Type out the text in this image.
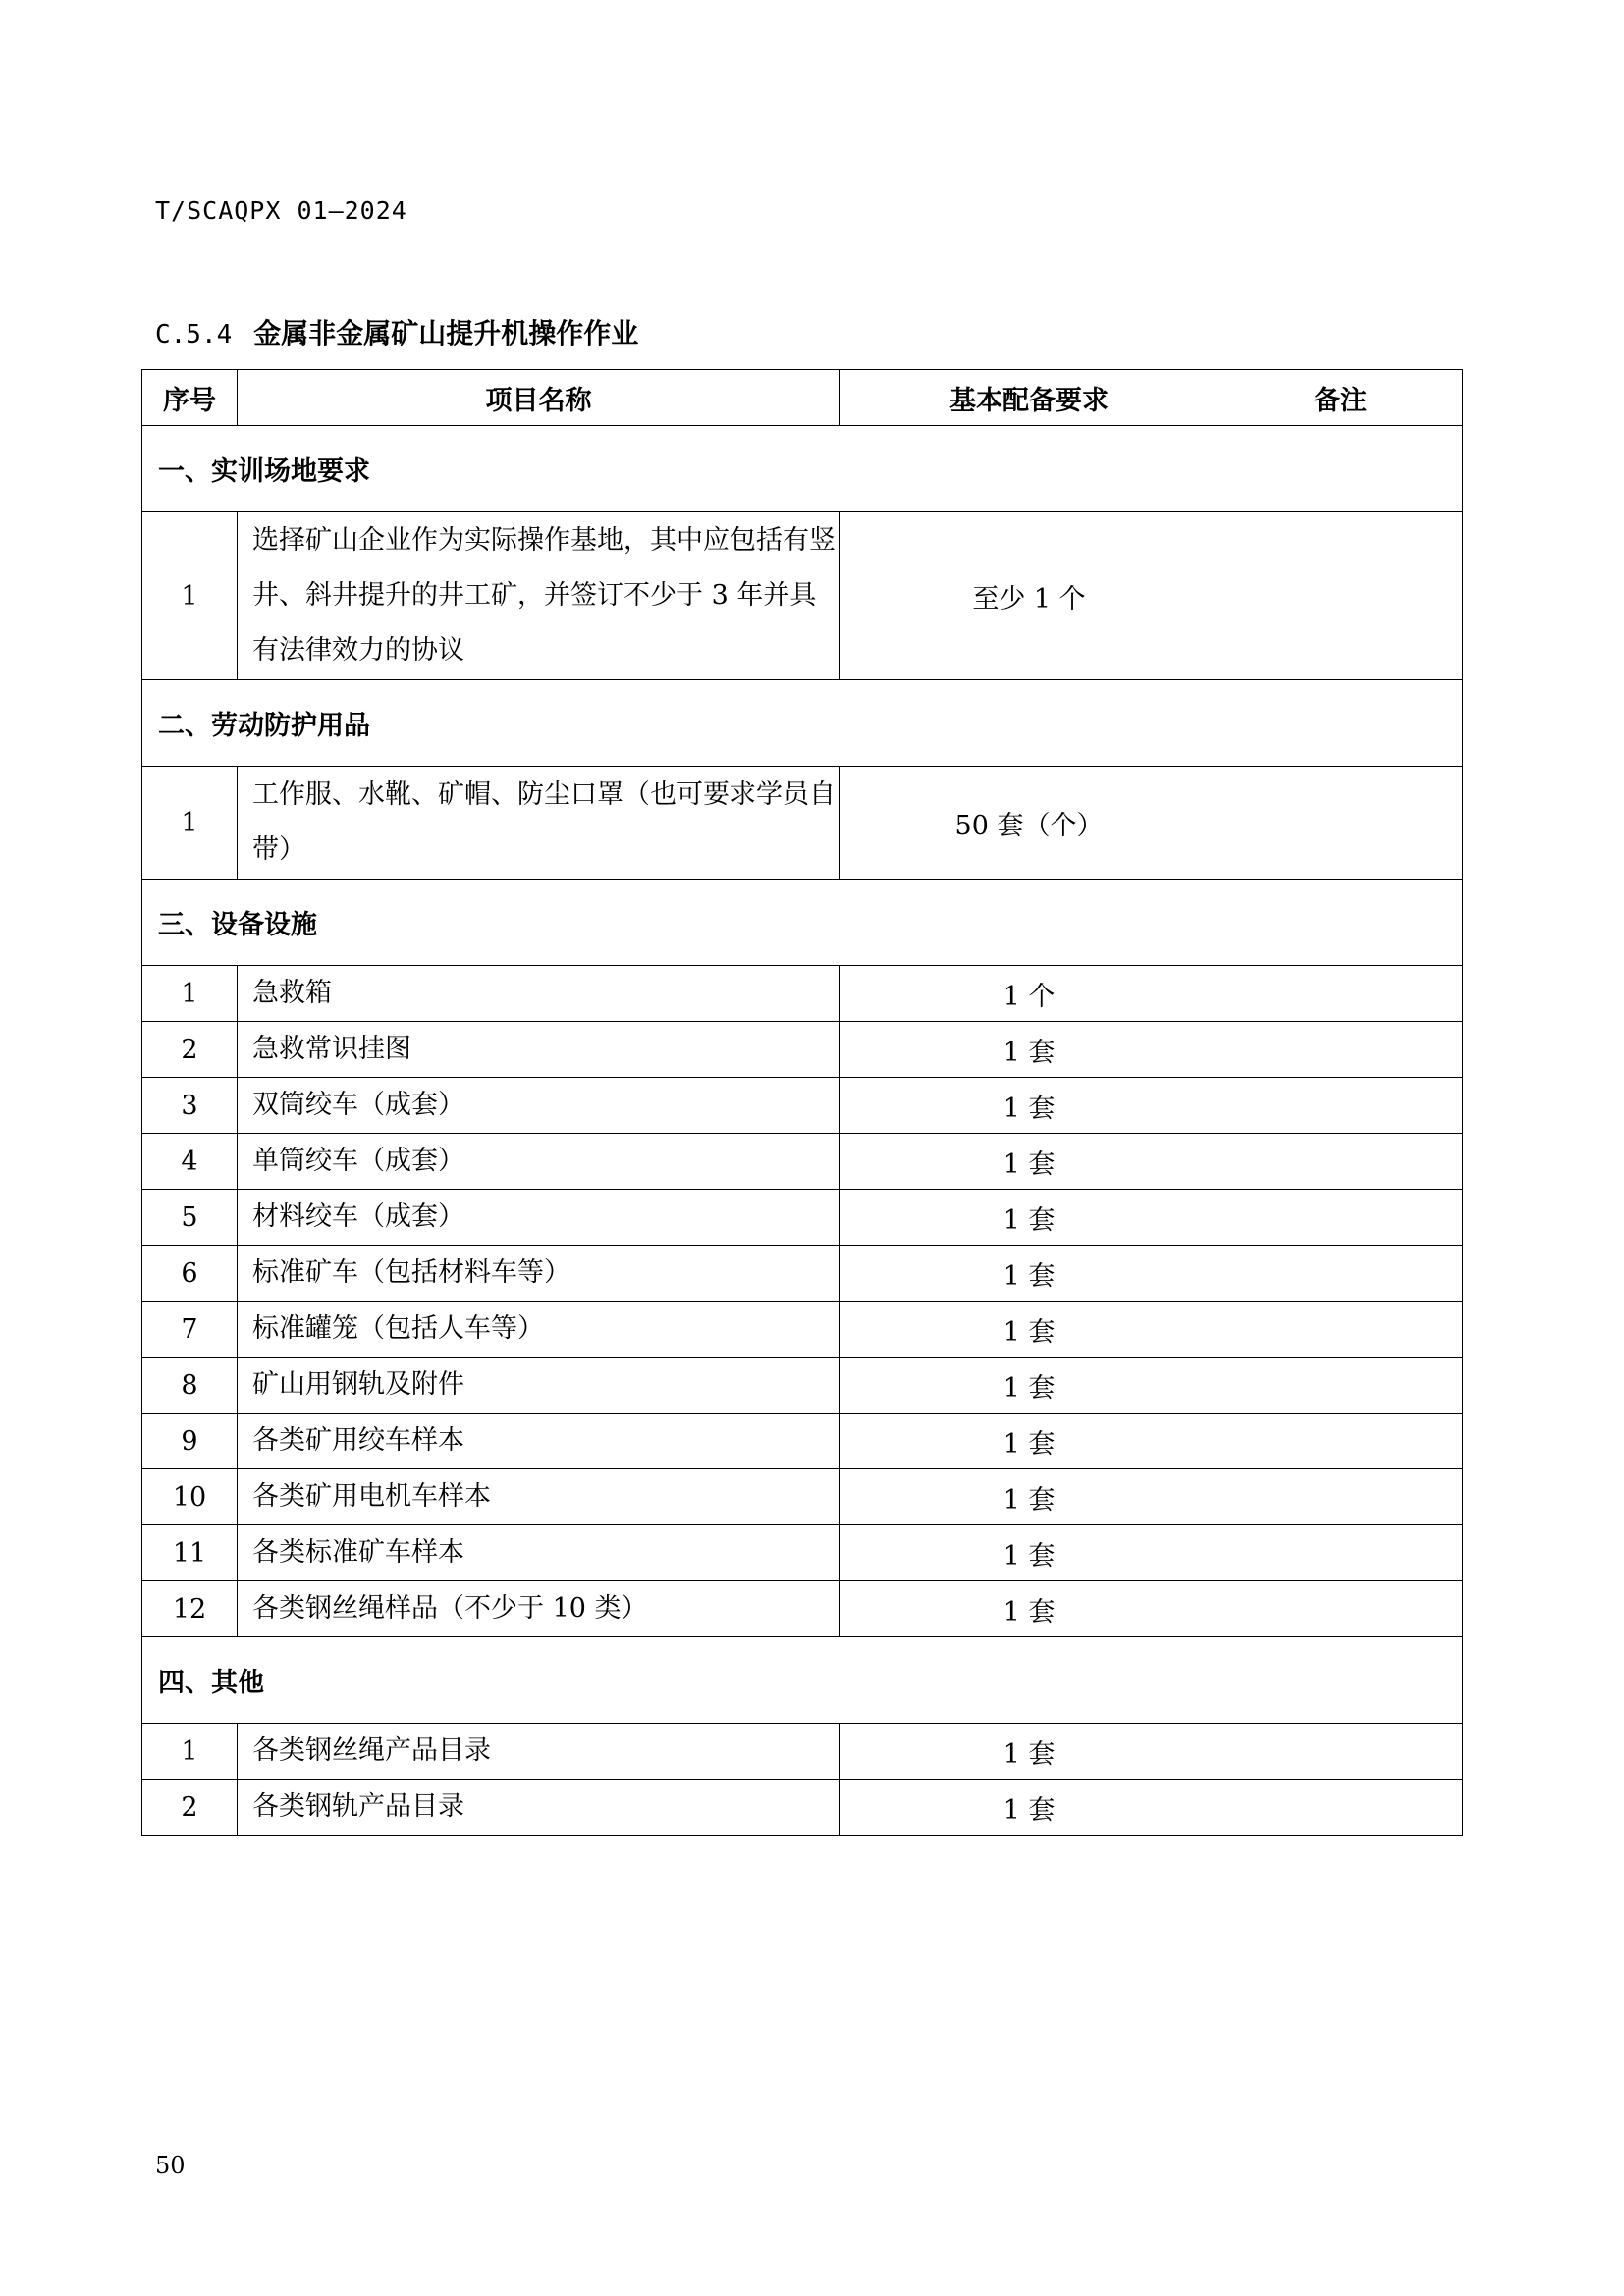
T/SCAQPX 01—2024
C.5.4 金属非金属矿山提升机操作作业
序号	项目名称	基本配备要求	备注
一、实训场地要求			
1	选择矿山企业作为实际操作基地，其中应包括有竖井、斜井提升的井工矿，并签订不少于 3 年并具有法律效力的协议	至少 1 个	
二、劳动防护用品			
1	工作服、水靴、矿帽、防尘口罩（也可要求学员自带）	50 套（个）	
三、设备设施			
1	急救箱	1 个	
2	急救常识挂图	1 套	
3	双筒绞车（成套）	1 套	
4	单筒绞车（成套）	1 套	
5	材料绞车（成套）	1 套	
6	标准矿车（包括材料车等）	1 套	
7	标准罐笼（包括人车等）	1 套	
8	矿山用钢轨及附件	1 套	
9	各类矿用绞车样本	1 套	
10	各类矿用电机车样本	1 套	
11	各类标准矿车样本	1 套	
12	各类钢丝绳样品（不少于 10 类）	1 套	
四、其他			
1	各类钢丝绳产品目录	1 套	
2	各类钢轨产品目录	1 套	
50
